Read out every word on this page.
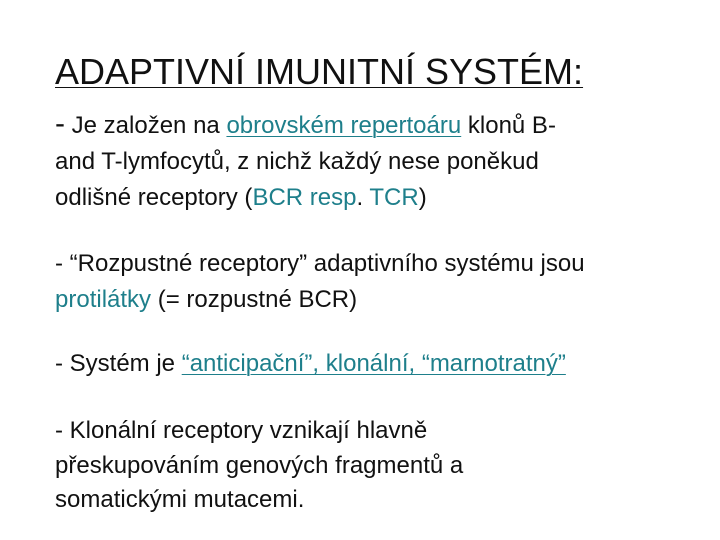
ADAPTIVNÍ IMUNITNÍ SYSTÉM:
- Je založen na obrovském repertoáru klonů B-
and T-lymfocytů, z nichž každý nese poněkud
odlišné receptory (BCR resp. TCR)
- “Rozpustné receptory” adaptivního systému jsou
protilátky (= rozpustné BCR)
- Systém je “anticipační”, klonální, “marnotratný”
- Klonální receptory vznikají hlavně
přeskupováním genových fragmentů a
somatickými mutacemi.
